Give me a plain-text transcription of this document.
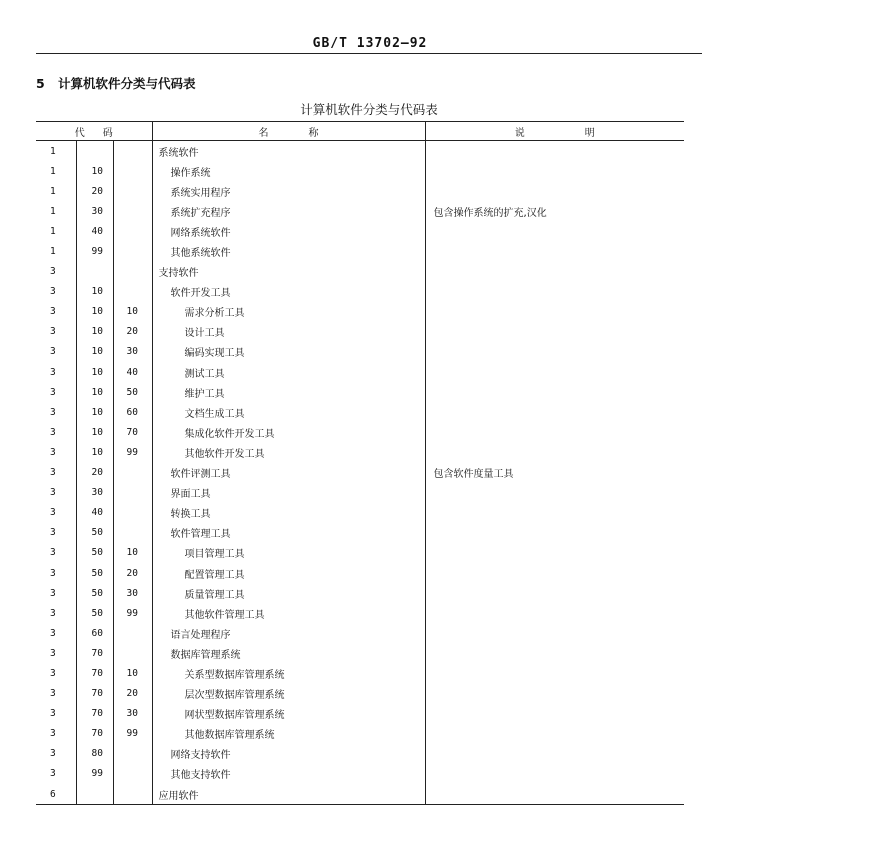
GB/T 13702—92
5 计算机软件分类与代码表
计算机软件分类与代码表
代码			名称	说明
1			系统软件	
1	10		操作系统	
1	20		系统实用程序	
1	30		系统扩充程序	包含操作系统的扩充,汉化
1	40		网络系统软件	
1	99		其他系统软件	
3			支持软件	
3	10		软件开发工具	
3	10	10	需求分析工具	
3	10	20	设计工具	
3	10	30	编码实现工具	
3	10	40	测试工具	
3	10	50	维护工具	
3	10	60	文档生成工具	
3	10	70	集成化软件开发工具	
3	10	99	其他软件开发工具	
3	20		软件评测工具	包含软件度量工具
3	30		界面工具	
3	40		转换工具	
3	50		软件管理工具	
3	50	10	项目管理工具	
3	50	20	配置管理工具	
3	50	30	质量管理工具	
3	50	99	其他软件管理工具	
3	60		语言处理程序	
3	70		数据库管理系统	
3	70	10	关系型数据库管理系统	
3	70	20	层次型数据库管理系统	
3	70	30	网状型数据库管理系统	
3	70	99	其他数据库管理系统	
3	80		网络支持软件	
3	99		其他支持软件	
6			应用软件	
